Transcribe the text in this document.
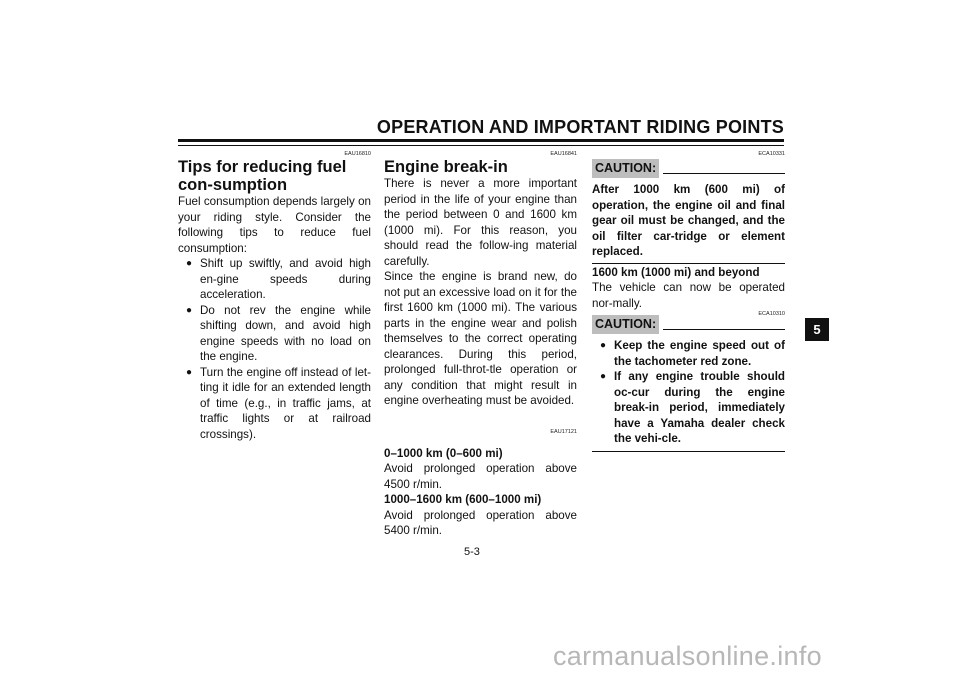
OPERATION AND IMPORTANT RIDING POINTS
EAU16810
Tips for reducing fuel con-sumption

Fuel consumption depends largely on your riding style. Consider the following tips to reduce fuel consumption:

● Shift up swiftly, and avoid high en-gine speeds during acceleration.
● Do not rev the engine while shifting down, and avoid high engine speeds with no load on the engine.
● Turn the engine off instead of let-ting it idle for an extended length of time (e.g., in traffic jams, at traffic lights or at railroad crossings).
EAU16841
Engine break-in

There is never a more important period in the life of your engine than the period between 0 and 1600 km (1000 mi). For this reason, you should read the follow-ing material carefully.

Since the engine is brand new, do not put an excessive load on it for the first 1600 km (1000 mi). The various parts in the engine wear and polish themselves to the correct operating clearances. During this period, prolonged full-throt-tle operation or any condition that might result in engine overheating must be avoided.

EAU17121
0–1000 km (0–600 mi)

Avoid prolonged operation above 4500 r/min.

1000–1600 km (600–1000 mi)

Avoid prolonged operation above 5400 r/min.

ECA10331
CAUTION:
After 1000 km (600 mi) of operation, the engine oil and final gear oil must be changed, and the oil filter car-tridge or element replaced.
1600 km (1000 mi) and beyond

The vehicle can now be operated nor-mally.

ECA10310
CAUTION:
● Keep the engine speed out of the tachometer red zone.
● If any engine trouble should oc-cur during the engine break-in period, immediately have a Yamaha dealer check the vehi-cle.
5
5-3
carmanualsonline.info
